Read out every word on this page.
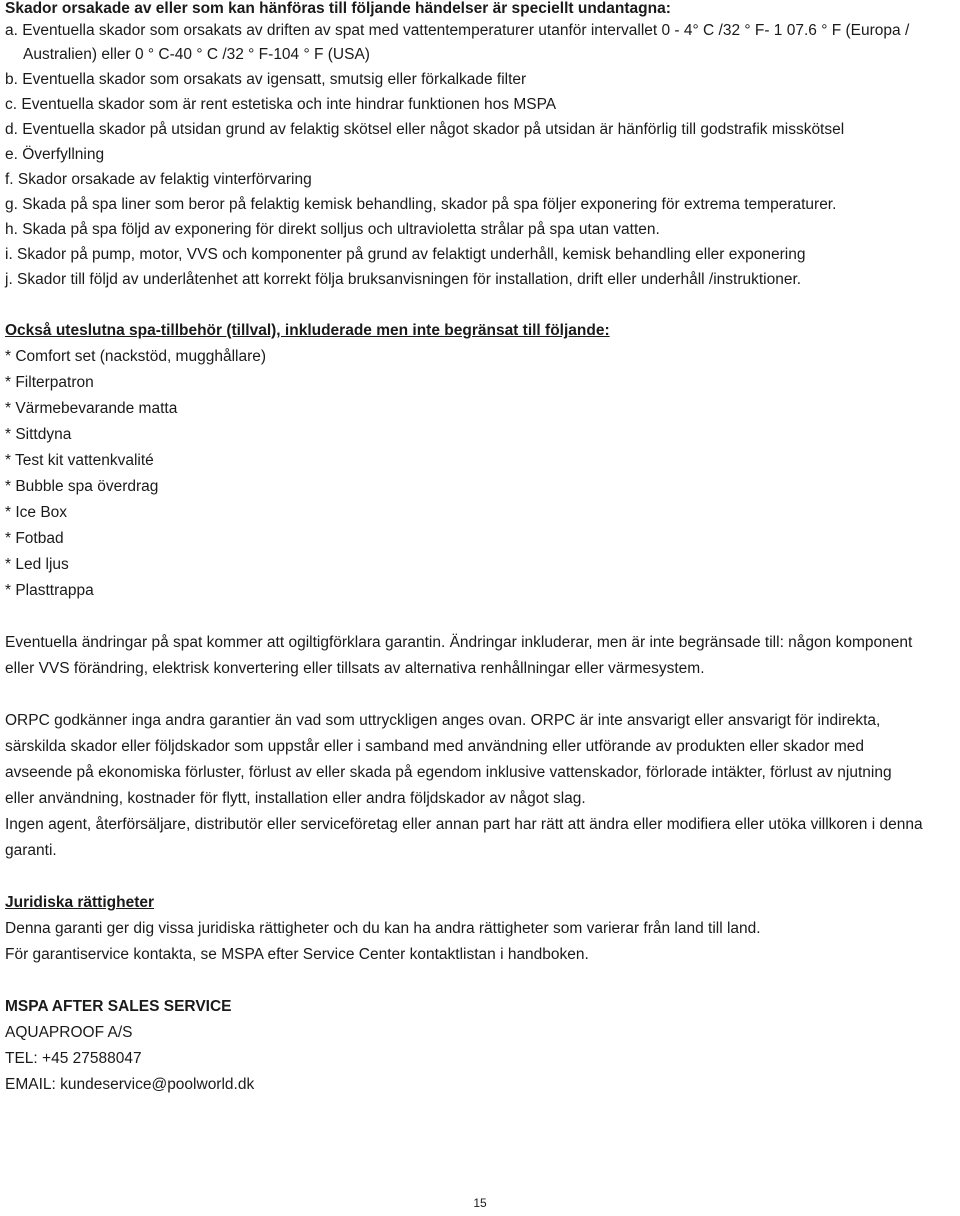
Skador orsakade av eller som kan hänföras till följande händelser är speciellt undantagna:
a. Eventuella skador som orsakats av driften av spat med vattentemperaturer utanför intervallet 0 - 4° C /32 ° F- 1 07.6 ° F (Europa /
Australien) eller 0 ° C-40 ° C /32 ° F-104 ° F (USA)
b. Eventuella skador som orsakats av igensatt, smutsig eller förkalkade filter
c. Eventuella skador som är rent estetiska och inte hindrar funktionen hos MSPA
d. Eventuella skador på utsidan grund av felaktig skötsel eller något skador på utsidan är hänförlig till godstrafik misskötsel
e. Överfyllning
f. Skador orsakade av felaktig vinterförvaring
g. Skada på spa liner som beror på felaktig kemisk behandling, skador på spa följer exponering för extrema temperaturer.
h. Skada på spa följd av exponering för direkt solljus och ultravioletta strålar på spa utan vatten.
i. Skador på pump, motor, VVS och komponenter på grund av felaktigt underhåll, kemisk behandling eller exponering
j. Skador till följd av underlåtenhet att korrekt följa bruksanvisningen för installation, drift eller underhåll /instruktioner.
Också uteslutna spa-tillbehör (tillval), inkluderade men inte begränsat till följande:
* Comfort set (nackstöd, mugghållare)
* Filterpatron
* Värmebevarande matta
* Sittdyna
* Test kit vattenkvalité
* Bubble spa överdrag
* Ice Box
* Fotbad
* Led ljus
* Plasttrappa
Eventuella ändringar på spat kommer att ogiltigförklara garantin. Ändringar inkluderar, men är inte begränsade till: någon komponent
eller VVS förändring, elektrisk konvertering eller tillsats av alternativa renhållningar eller värmesystem.
ORPC godkänner inga andra garantier än vad som uttryckligen anges ovan. ORPC är inte ansvarigt eller ansvarigt för indirekta,
särskilda skador eller följdskador som uppstår eller i samband med användning eller utförande av produkten eller skador med
avseende på ekonomiska förluster, förlust av eller skada på egendom inklusive vattenskador, förlorade intäkter, förlust av njutning
eller användning, kostnader för flytt, installation eller andra följdskador av något slag.
Ingen agent, återförsäljare, distributör eller serviceföretag eller annan part har rätt att ändra eller modifiera eller utöka villkoren i denna
garanti.
Juridiska rättigheter
Denna garanti ger dig vissa juridiska rättigheter och du kan ha andra rättigheter som varierar från land till land.
För garantiservice kontakta, se MSPA efter Service Center kontaktlistan i handboken.
MSPA AFTER SALES SERVICE
AQUAPROOF A/S
TEL: +45 27588047
EMAIL: kundeservice@poolworld.dk
15
